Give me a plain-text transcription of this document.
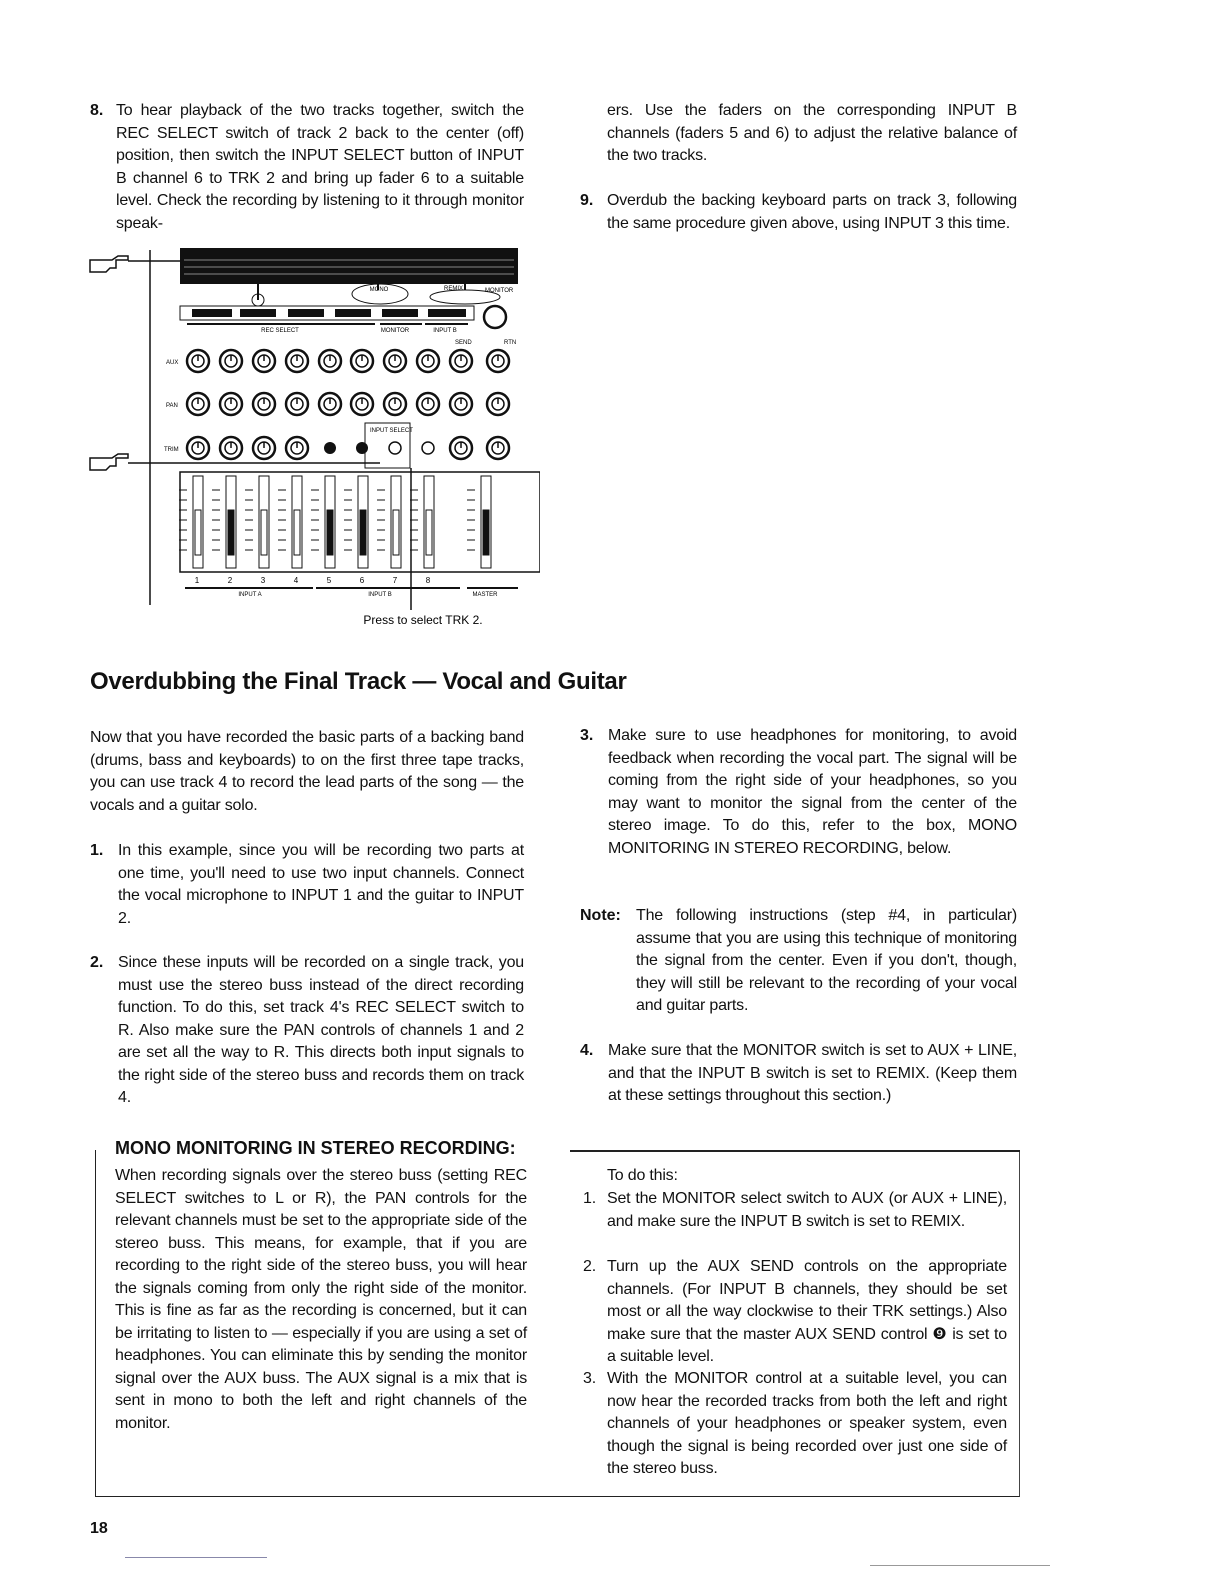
8. To hear playback of the two tracks together, switch the REC SELECT switch of track 2 back to the center (off) position, then switch the INPUT SELECT button of INPUT B channel 6 to TRK 2 and bring up fader 6 to a suitable level. Check the recording by listening to it through monitor speak-

ers. Use the faders on the corresponding INPUT B channels (faders 5 and 6) to adjust the relative balance of the two tracks.

9. Overdub the backing keyboard parts on track 3, following the same procedure given above, using INPUT 3 this time.

MONO	REMIX	MONITOR
REC SELECT	MONITOR	INPUT B
SEND	RTN
AUX
PAN
TRIM
INPUT SELECT
1	2	3	4	5	6	7	8
INPUT A	INPUT B	MASTER
Press to select TRK 2.
Overdubbing the Final Track — Vocal and Guitar

Now that you have recorded the basic parts of a backing band (drums, bass and keyboards) to on the first three tape tracks, you can use track 4 to record the lead parts of the song — the vocals and a guitar solo.

1. In this example, since you will be recording two parts at one time, you'll need to use two input channels. Connect the vocal microphone to INPUT 1 and the guitar to INPUT 2.

2. Since these inputs will be recorded on a single track, you must use the stereo buss instead of the direct recording function. To do this, set track 4's REC SELECT switch to R. Also make sure the PAN controls of channels 1 and 2 are set all the way to R. This directs both input signals to the right side of the stereo buss and records them on track 4.

3. Make sure to use headphones for monitoring, to avoid feedback when recording the vocal part. The signal will be coming from the right side of your headphones, so you may want to monitor the signal from the center of the stereo image. To do this, refer to the box, MONO MONITORING IN STEREO RECORDING, below.

Note: The following instructions (step #4, in particular) assume that you are using this technique of monitoring the signal from the center. Even if you don't, though, they will still be relevant to the recording of your vocal and guitar parts.

4. Make sure that the MONITOR switch is set to AUX + LINE, and that the INPUT B switch is set to REMIX. (Keep them at these settings throughout this section.)

MONO MONITORING IN STEREO RECORDING:

When recording signals over the stereo buss (setting REC SELECT switches to L or R), the PAN controls for the relevant channels must be set to the appropriate side of the stereo buss. This means, for example, that if you are recording to the right side of the stereo buss, you will hear the signals coming from only the right side of the monitor. This is fine as far as the recording is concerned, but it can be irritating to listen to — especially if you are using a set of headphones. You can eliminate this by sending the monitor signal over the AUX buss. The AUX signal is a mix that is sent in mono to both the left and right channels of the monitor.

To do this:

1. Set the MONITOR select switch to AUX (or AUX + LINE), and make sure the INPUT B switch is set to REMIX.

2. Turn up the AUX SEND controls on the appropriate channels. (For INPUT B channels, they should be set most or all the way clockwise to their TRK settings.) Also make sure that the master AUX SEND control ❾ is set to a suitable level.

3. With the MONITOR control at a suitable level, you can now hear the recorded tracks from both the left and right channels of your headphones or speaker system, even though the signal is being recorded over just one side of the stereo buss.

18
